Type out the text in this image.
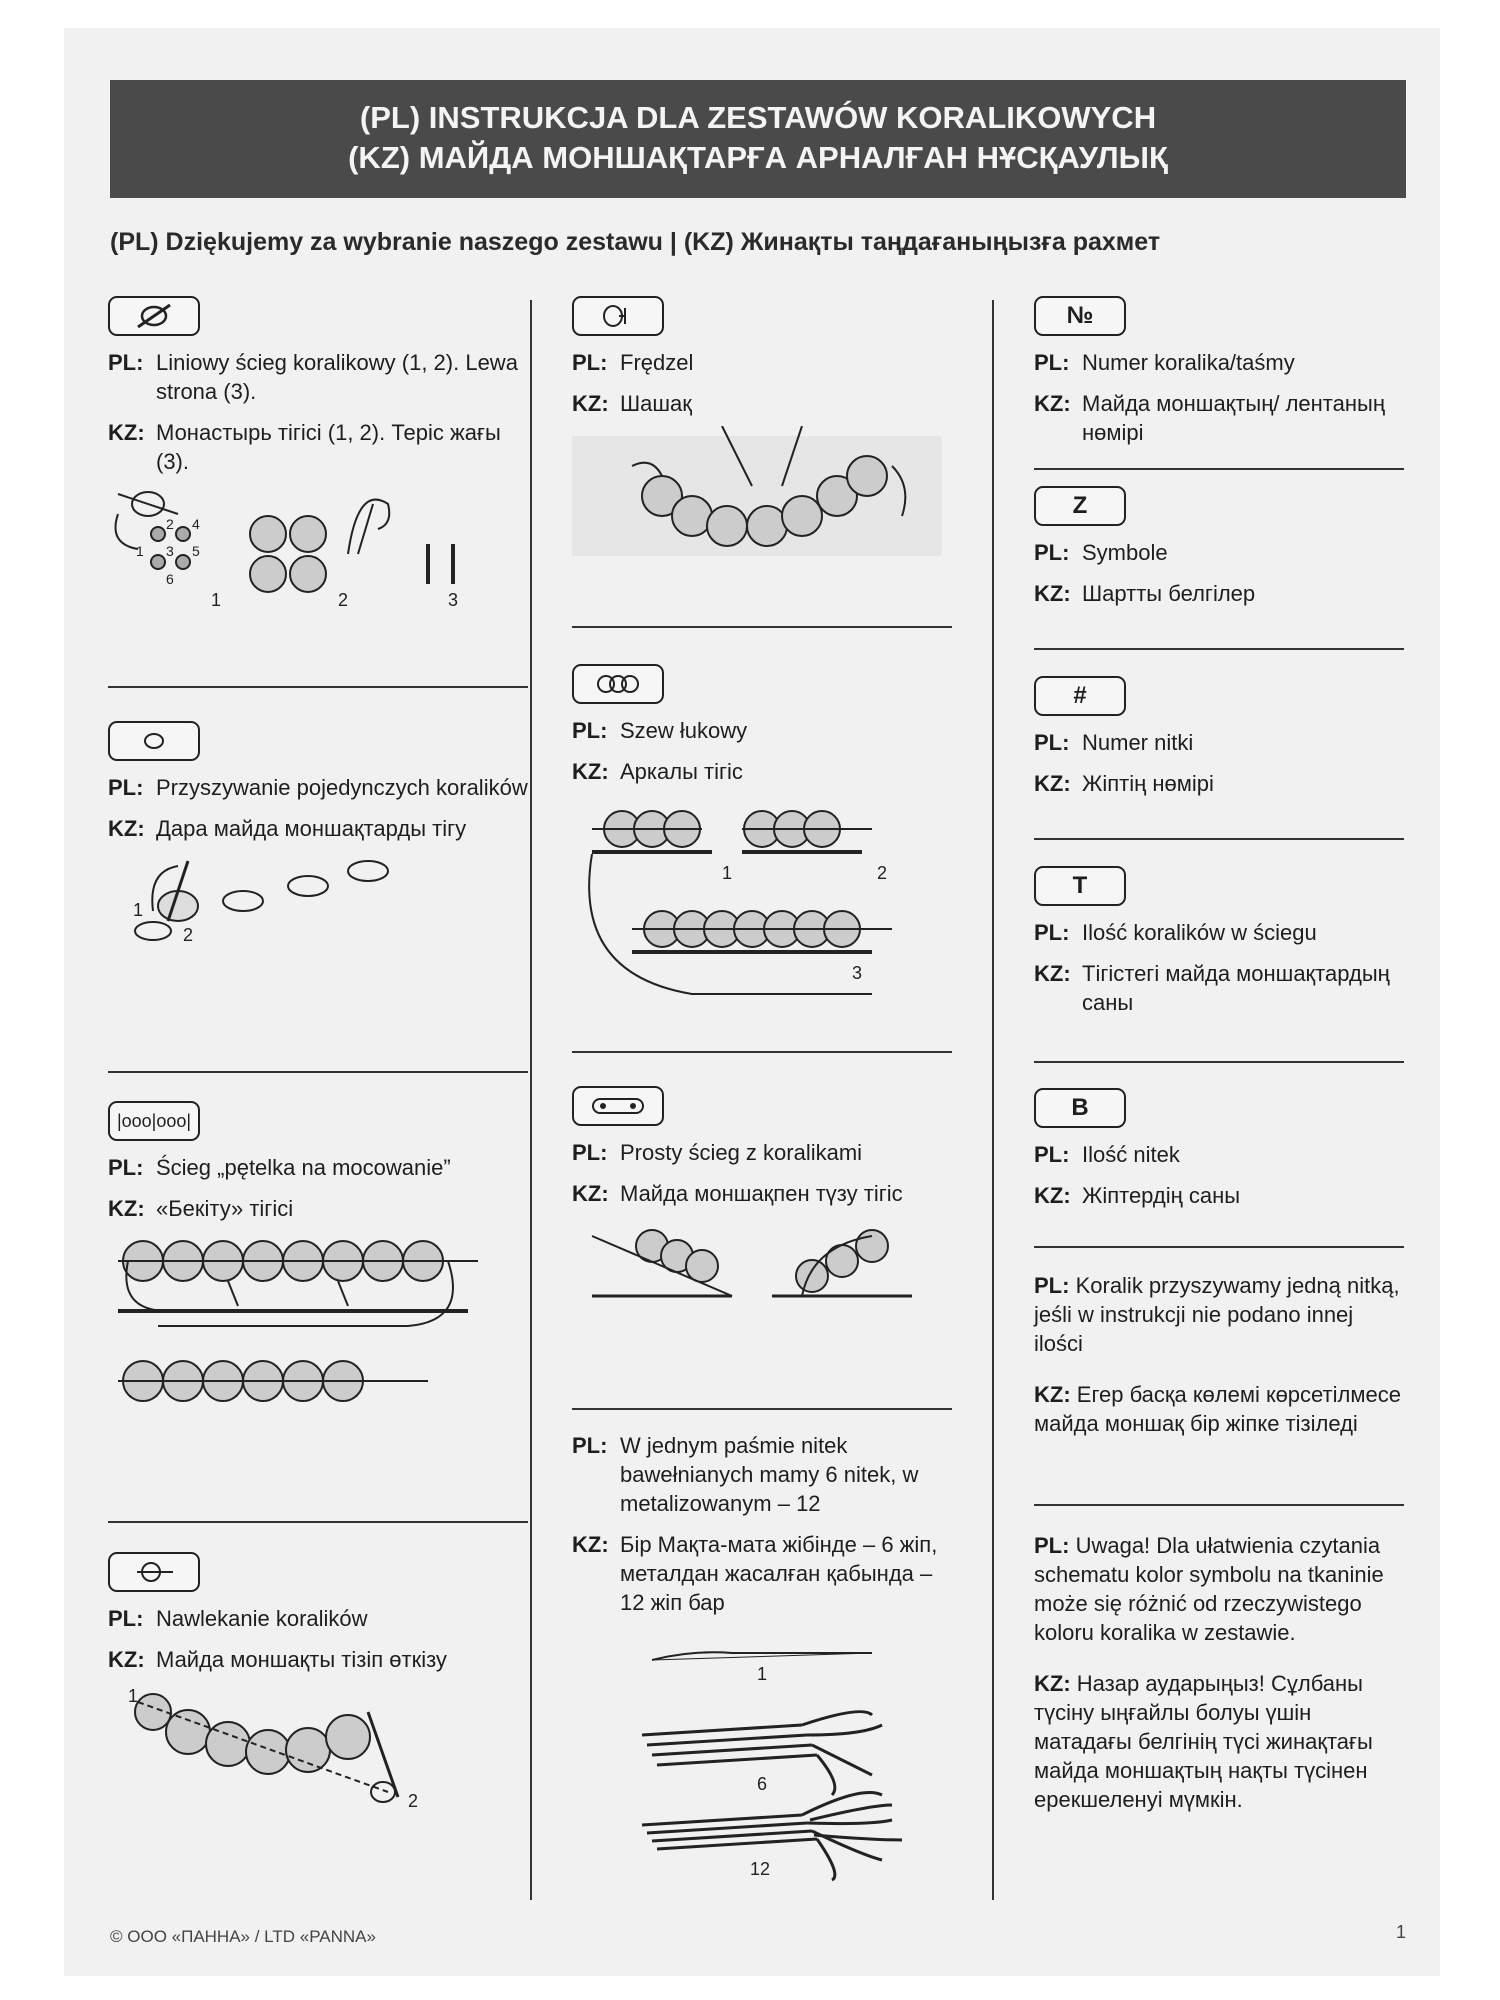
(PL) INSTRUKCJA DLA ZESTAWÓW KORALIKOWYCH
(KZ) МАЙДА МОНШАҚТАРҒА АРНАЛҒАН НҰСҚАУЛЫҚ
(PL) Dziękujemy za wybranie naszego zestawu | (KZ) Жинақты таңдағаныңызға рахмет
PL: Liniowy ścieg koralikowy (1, 2). Lewa strona (3).
KZ: Монастырь тігісі (1, 2). Теріс жағы (3).
2 4
1 3 5
6
1	2	3
PL: Przyszywanie pojedynczych koralików
KZ: Дара майда моншақтарды тігу
1
2
|ooo|ooo|
PL: Ścieg „pętelka na mocowanie”
KZ: «Бекіту» тігісі
PL: Nawlekanie koralików
KZ: Майда моншақты тізіп өткізу
1
2
PL: Frędzel
KZ: Шашақ
PL: Szew łukowy
KZ: Аркалы тігіс
1	2
3
PL: Prosty ścieg z koralikami
KZ: Майда моншақпен түзу тігіс
PL: W jednym paśmie nitek bawełnianych mamy 6 nitek, w metalizowanym – 12
KZ: Бір Мақта-мата жібінде – 6 жіп, металдан жасалған қабында – 12 жіп бар
1
6
12
№
PL: Numer koralika/taśmy
KZ: Майда моншақтың/ лентаның нөмірі
Z
PL: Symbole
KZ: Шартты белгілер
#
PL: Numer nitki
KZ: Жіптің нөмірі
T
PL: Ilość koralików w ściegu
KZ: Тігістегі майда моншақтардың саны
B
PL: Ilość nitek
KZ: Жіптердің саны
PL: Koralik przyszywamy jedną nitką, jeśli w instrukcji nie podano innej ilości
KZ: Егер басқа көлемі көрсетілмесе майда моншақ бір жіпке тізіледі
PL: Uwaga! Dla ułatwienia czytania schematu kolor symbolu na tkaninie może się różnić od rzeczywistego koloru koralika w zestawie.
KZ: Назар аударыңыз! Сұлбаны түсіну ыңғайлы болуы үшін матадағы белгінің түсі жинақтағы майда моншақтың нақты түсінен ерекшеленуі мүмкін.
© ООО «ПАННА» / LTD «PANNA»	1
